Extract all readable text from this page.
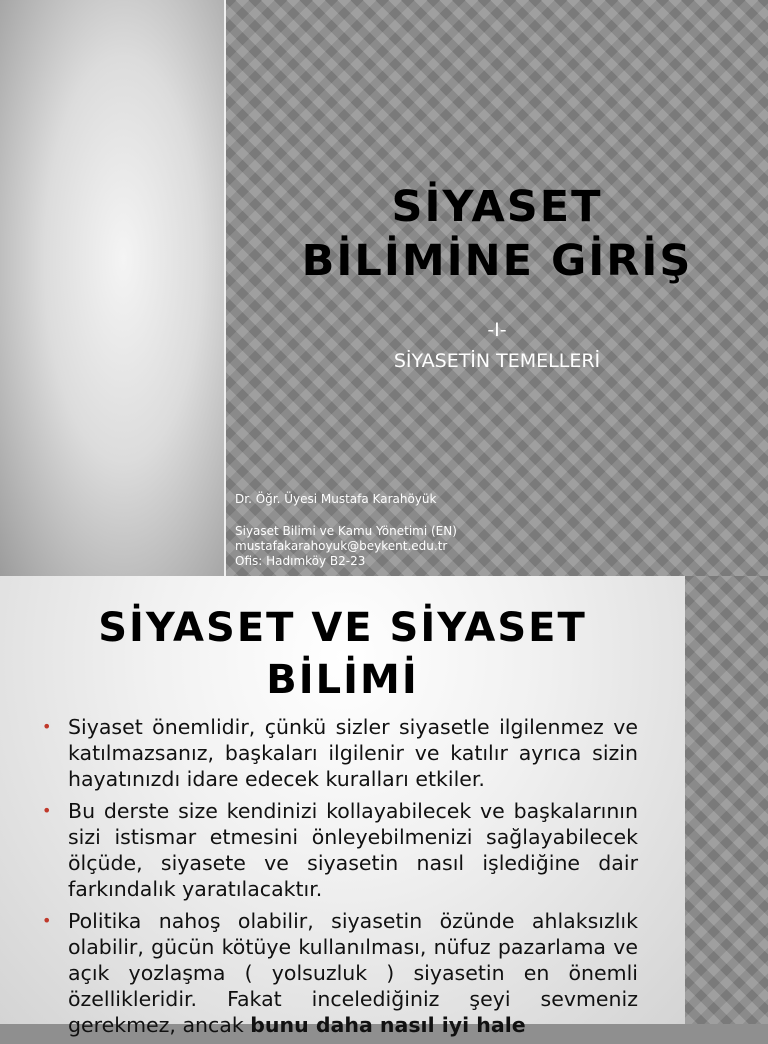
SİYASET
BİLİMİNE GİRİŞ
-I-
SİYASETİN TEMELLERİ
Dr. Öğr. Üyesi Mustafa Karahöyük
Siyaset Bilimi ve Kamu Yönetimi (EN)
mustafakarahoyuk@beykent.edu.tr
Ofis: Hadımköy B2-23
SİYASET VE SİYASET
BİLİMİ
• Siyaset önemlidir, çünkü sizler siyasetle ilgilenmez ve katılmazsanız, başkaları ilgilenir ve katılır ayrıca sizin hayatınızdı idare edecek kuralları etkiler.
• Bu derste size kendinizi kollayabilecek ve başkalarının sizi istismar etmesini önleyebilmenizi sağlayabilecek ölçüde, siyasete ve siyasetin nasıl işlediğine dair farkındalık yaratılacaktır.
• Politika nahoş olabilir, siyasetin özünde ahlaksızlık olabilir, gücün kötüye kullanılması, nüfuz pazarlama ve açık yozlaşma ( yolsuzluk ) siyasetin en önemli özellikleridir. Fakat incelediğiniz şeyi sevmeniz gerekmez, ancak bunu daha nasıl iyi hale
